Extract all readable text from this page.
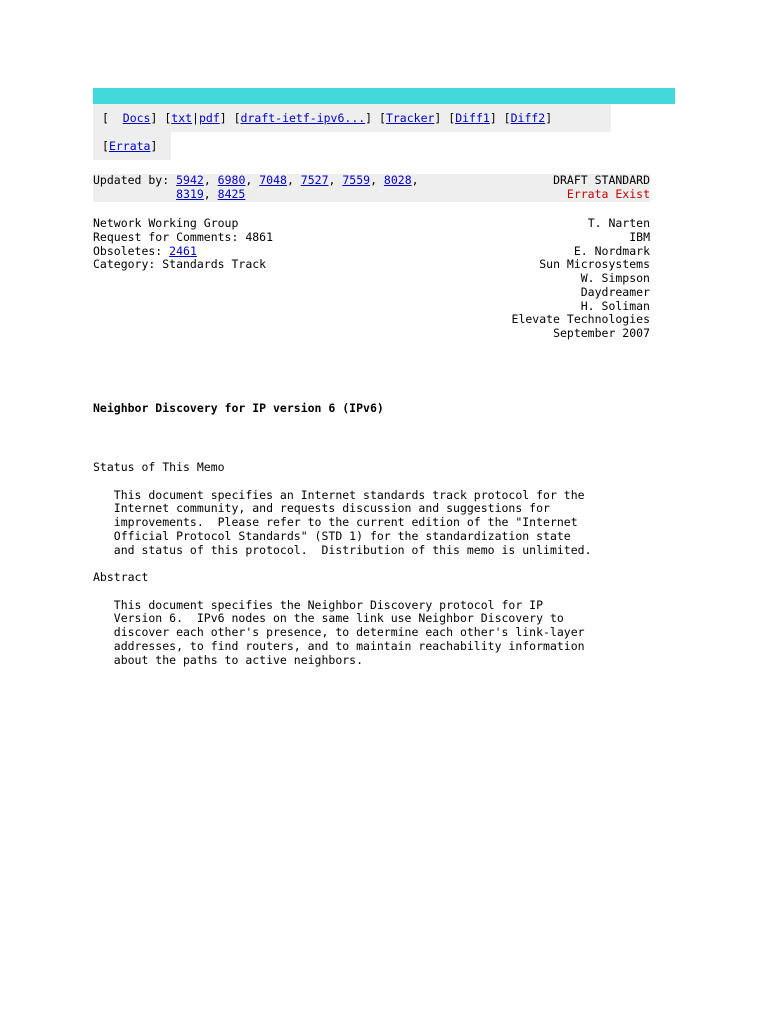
[  Docs] [txt|pdf] [draft-ietf-ipv6...] [Tracker] [Diff1] [Diff2]
[Errata]
Updated by: 5942, 6980, 7048, 7527, 7559, 8028,
8319, 8425
DRAFT STANDARD
Errata Exist
Network Working Group
Request for Comments: 4861
Obsoletes: 2461
Category: Standards Track
T. Narten
IBM
E. Nordmark
Sun Microsystems
W. Simpson
Daydreamer
H. Soliman
Elevate Technologies
September 2007
Neighbor Discovery for IP version 6 (IPv6)
Status of This Memo

This document specifies an Internet standards track protocol for the
Internet community, and requests discussion and suggestions for
improvements.  Please refer to the current edition of the "Internet
Official Protocol Standards" (STD 1) for the standardization state
and status of this protocol.  Distribution of this memo is unlimited.

Abstract

This document specifies the Neighbor Discovery protocol for IP
Version 6.  IPv6 nodes on the same link use Neighbor Discovery to
discover each other's presence, to determine each other's link-layer
addresses, to find routers, and to maintain reachability information
about the paths to active neighbors.
